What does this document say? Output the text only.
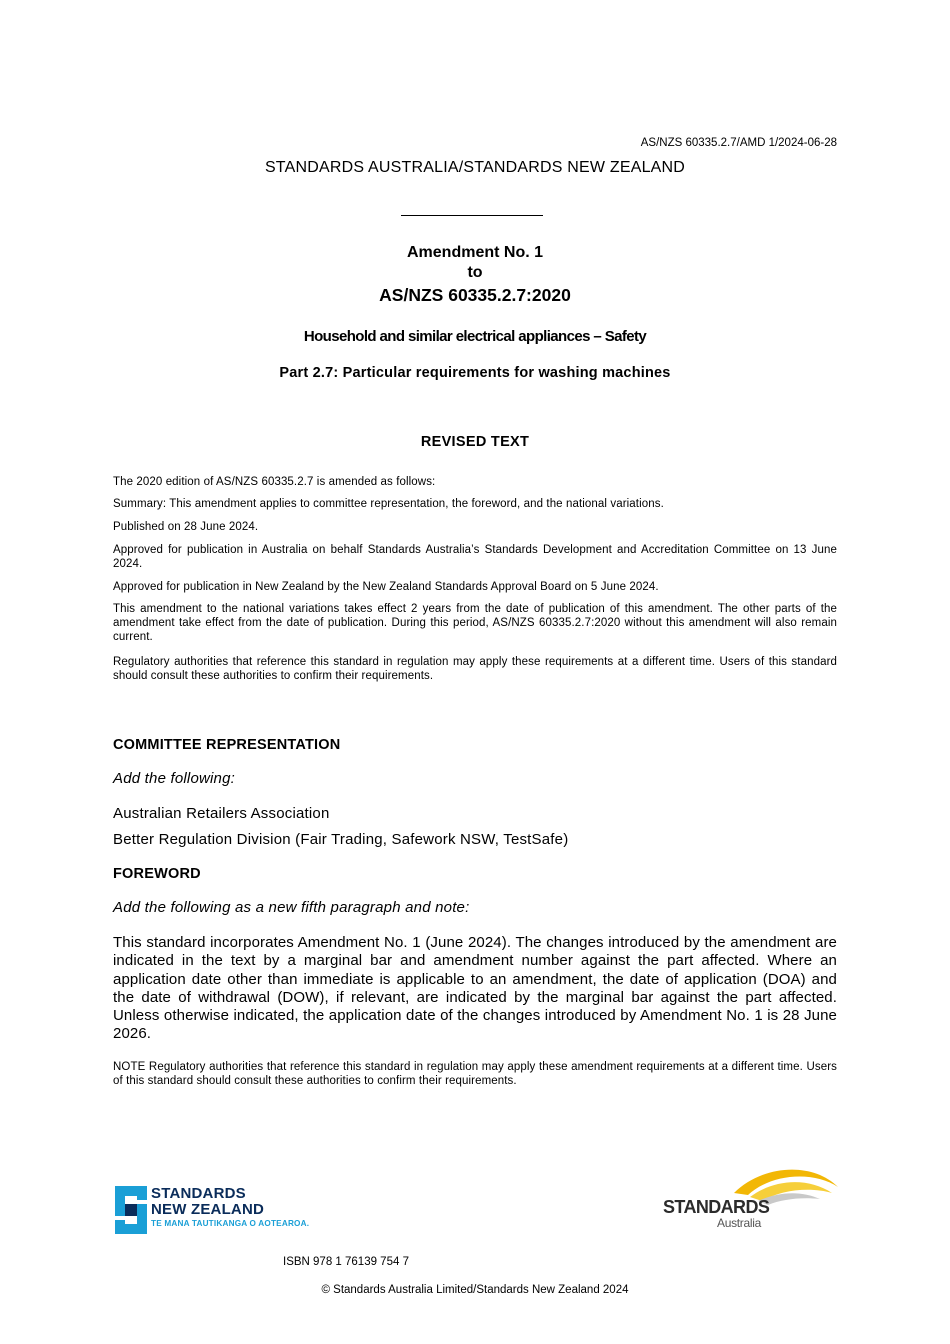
AS/NZS 60335.2.7/AMD 1/2024-06-28
STANDARDS AUSTRALIA/STANDARDS NEW ZEALAND
Amendment No. 1
to
AS/NZS 60335.2.7:2020
Household and similar electrical appliances – Safety
Part 2.7: Particular requirements for washing machines
REVISED TEXT
The 2020 edition of AS/NZS 60335.2.7 is amended as follows:
Summary: This amendment applies to committee representation, the foreword, and the national variations.
Published on 28 June 2024.
Approved for publication in Australia on behalf Standards Australia’s Standards Development and Accreditation Committee on 13 June 2024.
Approved for publication in New Zealand by the New Zealand Standards Approval Board on 5 June 2024.
This amendment to the national variations takes effect 2 years from the date of publication of this amendment. The other parts of the amendment take effect from the date of publication. During this period, AS/NZS 60335.2.7:2020 without this amendment will also remain current.
Regulatory authorities that reference this standard in regulation may apply these requirements at a different time. Users of this standard should consult these authorities to confirm their requirements.
COMMITTEE REPRESENTATION
Add the following:
Australian Retailers Association
Better Regulation Division (Fair Trading, Safework NSW, TestSafe)
FOREWORD
Add the following as a new fifth paragraph and note:
This standard incorporates Amendment No. 1 (June 2024). The changes introduced by the amendment are indicated in the text by a marginal bar and amendment number against the part affected. Where an application date other than immediate is applicable to an amendment, the date of application (DOA) and the date of withdrawal (DOW), if relevant, are indicated by the marginal bar against the part affected. Unless otherwise indicated, the application date of the changes introduced by Amendment No. 1 is 28 June 2026.
NOTE Regulatory authorities that reference this standard in regulation may apply these amendment requirements at a different time. Users of this standard should consult these authorities to confirm their requirements.
STANDARDS
NEW ZEALAND
TE MANA TAUTIKANGA O AOTEAROA.
STANDARDS
Australia
ISBN 978 1 76139 754 7
© Standards Australia Limited/Standards New Zealand 2024
